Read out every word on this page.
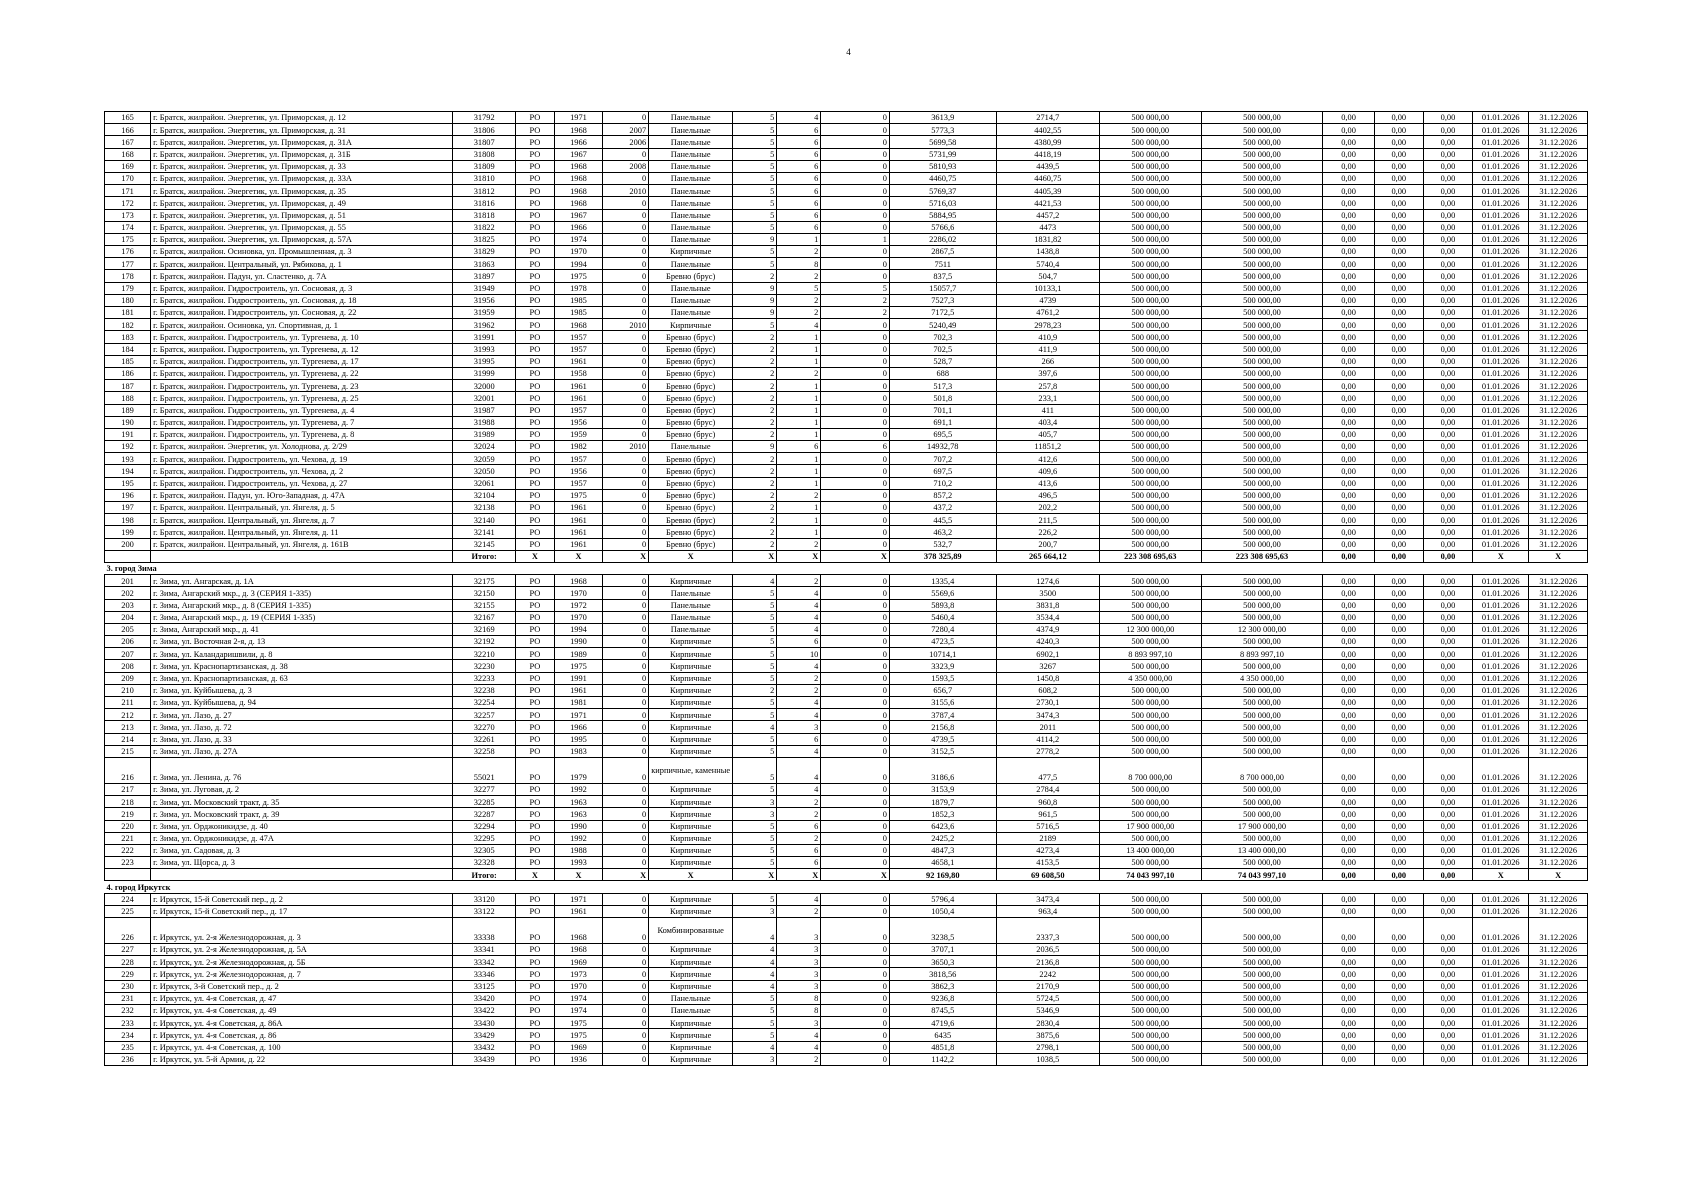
4
165	г. Братск, жилрайон. Энергетик, ул. Приморская, д. 12	31792	РО	1971	0	Панельные	5	4	0	3613,9	2714,7	500 000,00	500 000,00	0,00	0,00	0,00	01.01.2026	31.12.2026
166	г. Братск, жилрайон. Энергетик, ул. Приморская, д. 31	31806	РО	1968	2007	Панельные	5	6	0	5773,3	4402,55	500 000,00	500 000,00	0,00	0,00	0,00	01.01.2026	31.12.2026
167	г. Братск, жилрайон. Энергетик, ул. Приморская, д. 31А	31807	РО	1966	2006	Панельные	5	6	0	5699,58	4380,99	500 000,00	500 000,00	0,00	0,00	0,00	01.01.2026	31.12.2026
168	г. Братск, жилрайон. Энергетик, ул. Приморская, д. 31Б	31808	РО	1967	0	Панельные	5	6	0	5731,99	4418,19	500 000,00	500 000,00	0,00	0,00	0,00	01.01.2026	31.12.2026
169	г. Братск, жилрайон. Энергетик, ул. Приморская, д. 33	31809	РО	1968	2008	Панельные	5	6	0	5810,93	4439,5	500 000,00	500 000,00	0,00	0,00	0,00	01.01.2026	31.12.2026
170	г. Братск, жилрайон. Энергетик, ул. Приморская, д. 33А	31810	РО	1968	0	Панельные	5	6	0	4460,75	4460,75	500 000,00	500 000,00	0,00	0,00	0,00	01.01.2026	31.12.2026
171	г. Братск, жилрайон. Энергетик, ул. Приморская, д. 35	31812	РО	1968	2010	Панельные	5	6	0	5769,37	4405,39	500 000,00	500 000,00	0,00	0,00	0,00	01.01.2026	31.12.2026
172	г. Братск, жилрайон. Энергетик, ул. Приморская, д. 49	31816	РО	1968	0	Панельные	5	6	0	5716,03	4421,53	500 000,00	500 000,00	0,00	0,00	0,00	01.01.2026	31.12.2026
173	г. Братск, жилрайон. Энергетик, ул. Приморская, д. 51	31818	РО	1967	0	Панельные	5	6	0	5884,95	4457,2	500 000,00	500 000,00	0,00	0,00	0,00	01.01.2026	31.12.2026
174	г. Братск, жилрайон. Энергетик, ул. Приморская, д. 55	31822	РО	1966	0	Панельные	5	6	0	5766,6	4473	500 000,00	500 000,00	0,00	0,00	0,00	01.01.2026	31.12.2026
175	г. Братск, жилрайон. Энергетик, ул. Приморская, д. 57А	31825	РО	1974	0	Панельные	9	1	1	2286,02	1831,82	500 000,00	500 000,00	0,00	0,00	0,00	01.01.2026	31.12.2026
176	г. Братск, жилрайон. Осиновка, ул. Промышленная, д. 3	31829	РО	1970	0	Кирпичные	5	2	0	2867,5	1438,8	500 000,00	500 000,00	0,00	0,00	0,00	01.01.2026	31.12.2026
177	г. Братск, жилрайон. Центральный, ул. Рябикова, д. 1	31863	РО	1994	0	Панельные	5	8	0	7511	5740,4	500 000,00	500 000,00	0,00	0,00	0,00	01.01.2026	31.12.2026
178	г. Братск, жилрайон. Падун, ул. Сластенко, д. 7А	31897	РО	1975	0	Бревно (брус)	2	2	0	837,5	504,7	500 000,00	500 000,00	0,00	0,00	0,00	01.01.2026	31.12.2026
179	г. Братск, жилрайон. Гидростроитель, ул. Сосновая, д. 3	31949	РО	1978	0	Панельные	9	5	5	15057,7	10133,1	500 000,00	500 000,00	0,00	0,00	0,00	01.01.2026	31.12.2026
180	г. Братск, жилрайон. Гидростроитель, ул. Сосновая, д. 18	31956	РО	1985	0	Панельные	9	2	2	7527,3	4739	500 000,00	500 000,00	0,00	0,00	0,00	01.01.2026	31.12.2026
181	г. Братск, жилрайон. Гидростроитель, ул. Сосновая, д. 22	31959	РО	1985	0	Панельные	9	2	2	7172,5	4761,2	500 000,00	500 000,00	0,00	0,00	0,00	01.01.2026	31.12.2026
182	г. Братск, жилрайон. Осиновка, ул. Спортивная, д. 1	31962	РО	1968	2010	Кирпичные	5	4	0	5240,49	2978,23	500 000,00	500 000,00	0,00	0,00	0,00	01.01.2026	31.12.2026
183	г. Братск, жилрайон. Гидростроитель, ул. Тургенева, д. 10	31991	РО	1957	0	Бревно (брус)	2	1	0	702,3	410,9	500 000,00	500 000,00	0,00	0,00	0,00	01.01.2026	31.12.2026
184	г. Братск, жилрайон. Гидростроитель, ул. Тургенева, д. 12	31993	РО	1957	0	Бревно (брус)	2	1	0	702,5	411,9	500 000,00	500 000,00	0,00	0,00	0,00	01.01.2026	31.12.2026
185	г. Братск, жилрайон. Гидростроитель, ул. Тургенева, д. 17	31995	РО	1961	0	Бревно (брус)	2	1	0	528,7	266	500 000,00	500 000,00	0,00	0,00	0,00	01.01.2026	31.12.2026
186	г. Братск, жилрайон. Гидростроитель, ул. Тургенева, д. 22	31999	РО	1958	0	Бревно (брус)	2	2	0	688	397,6	500 000,00	500 000,00	0,00	0,00	0,00	01.01.2026	31.12.2026
187	г. Братск, жилрайон. Гидростроитель, ул. Тургенева, д. 23	32000	РО	1961	0	Бревно (брус)	2	1	0	517,3	257,8	500 000,00	500 000,00	0,00	0,00	0,00	01.01.2026	31.12.2026
188	г. Братск, жилрайон. Гидростроитель, ул. Тургенева, д. 25	32001	РО	1961	0	Бревно (брус)	2	1	0	501,8	233,1	500 000,00	500 000,00	0,00	0,00	0,00	01.01.2026	31.12.2026
189	г. Братск, жилрайон. Гидростроитель, ул. Тургенева, д. 4	31987	РО	1957	0	Бревно (брус)	2	1	0	701,1	411	500 000,00	500 000,00	0,00	0,00	0,00	01.01.2026	31.12.2026
190	г. Братск, жилрайон. Гидростроитель, ул. Тургенева, д. 7	31988	РО	1956	0	Бревно (брус)	2	1	0	691,1	403,4	500 000,00	500 000,00	0,00	0,00	0,00	01.01.2026	31.12.2026
191	г. Братск, жилрайон. Гидростроитель, ул. Тургенева, д. 8	31989	РО	1959	0	Бревно (брус)	2	1	0	695,5	405,7	500 000,00	500 000,00	0,00	0,00	0,00	01.01.2026	31.12.2026
192	г. Братск, жилрайон. Энергетик, ул. Холоднова, д. 2/29	32024	РО	1982	2010	Панельные	9	6	6	14932,78	11851,2	500 000,00	500 000,00	0,00	0,00	0,00	01.01.2026	31.12.2026
193	г. Братск, жилрайон. Гидростроитель, ул. Чехова, д. 19	32059	РО	1957	0	Бревно (брус)	2	1	0	707,2	412,6	500 000,00	500 000,00	0,00	0,00	0,00	01.01.2026	31.12.2026
194	г. Братск, жилрайон. Гидростроитель, ул. Чехова, д. 2	32050	РО	1956	0	Бревно (брус)	2	1	0	697,5	409,6	500 000,00	500 000,00	0,00	0,00	0,00	01.01.2026	31.12.2026
195	г. Братск, жилрайон. Гидростроитель, ул. Чехова, д. 27	32061	РО	1957	0	Бревно (брус)	2	1	0	710,2	413,6	500 000,00	500 000,00	0,00	0,00	0,00	01.01.2026	31.12.2026
196	г. Братск, жилрайон. Падун, ул. Юго-Западная, д. 47А	32104	РО	1975	0	Бревно (брус)	2	2	0	857,2	496,5	500 000,00	500 000,00	0,00	0,00	0,00	01.01.2026	31.12.2026
197	г. Братск, жилрайон. Центральный, ул. Янгеля, д. 5	32138	РО	1961	0	Бревно (брус)	2	1	0	437,2	202,2	500 000,00	500 000,00	0,00	0,00	0,00	01.01.2026	31.12.2026
198	г. Братск, жилрайон. Центральный, ул. Янгеля, д. 7	32140	РО	1961	0	Бревно (брус)	2	1	0	445,5	211,5	500 000,00	500 000,00	0,00	0,00	0,00	01.01.2026	31.12.2026
199	г. Братск, жилрайон. Центральный, ул. Янгеля, д. 11	32141	РО	1961	0	Бревно (брус)	2	1	0	463,2	226,2	500 000,00	500 000,00	0,00	0,00	0,00	01.01.2026	31.12.2026
200	г. Братск, жилрайон. Центральный, ул. Янгеля, д. 161В	32145	РО	1961	0	Бревно (брус)	2	2	0	532,7	200,7	500 000,00	500 000,00	0,00	0,00	0,00	01.01.2026	31.12.2026
		Итого:	X	X	X	X	X	X	X	378 325,89	265 664,12	223 308 695,63	223 308 695,63	0,00	0,00	0,00	X	X
3. город Зима																		
201	г. Зима, ул. Ангарская, д. 1А	32175	РО	1968	0	Кирпичные	4	2	0	1335,4	1274,6	500 000,00	500 000,00	0,00	0,00	0,00	01.01.2026	31.12.2026
202	г. Зима, Ангарский мкр., д. 3 (СЕРИЯ 1-335)	32150	РО	1970	0	Панельные	5	4	0	5569,6	3500	500 000,00	500 000,00	0,00	0,00	0,00	01.01.2026	31.12.2026
203	г. Зима, Ангарский мкр., д. 8 (СЕРИЯ 1-335)	32155	РО	1972	0	Панельные	5	4	0	5893,8	3831,8	500 000,00	500 000,00	0,00	0,00	0,00	01.01.2026	31.12.2026
204	г. Зима, Ангарский мкр., д. 19 (СЕРИЯ 1-335)	32167	РО	1970	0	Панельные	5	4	0	5460,4	3534,4	500 000,00	500 000,00	0,00	0,00	0,00	01.01.2026	31.12.2026
205	г. Зима, Ангарский мкр., д. 41	32169	РО	1994	0	Панельные	5	4	0	7280,4	4374,9	12 300 000,00	12 300 000,00	0,00	0,00	0,00	01.01.2026	31.12.2026
206	г. Зима, ул. Восточная 2-я, д. 13	32192	РО	1990	0	Кирпичные	5	6	0	4723,5	4240,3	500 000,00	500 000,00	0,00	0,00	0,00	01.01.2026	31.12.2026
207	г. Зима, ул. Каландаришвили, д. 8	32210	РО	1989	0	Кирпичные	5	10	0	10714,1	6902,1	8 893 997,10	8 893 997,10	0,00	0,00	0,00	01.01.2026	31.12.2026
208	г. Зима, ул. Краснопартизанская, д. 38	32230	РО	1975	0	Кирпичные	5	4	0	3323,9	3267	500 000,00	500 000,00	0,00	0,00	0,00	01.01.2026	31.12.2026
209	г. Зима, ул. Краснопартизанская, д. 63	32233	РО	1991	0	Кирпичные	5	2	0	1593,5	1450,8	4 350 000,00	4 350 000,00	0,00	0,00	0,00	01.01.2026	31.12.2026
210	г. Зима, ул. Куйбышева, д. 3	32238	РО	1961	0	Кирпичные	2	2	0	656,7	608,2	500 000,00	500 000,00	0,00	0,00	0,00	01.01.2026	31.12.2026
211	г. Зима, ул. Куйбышева, д. 94	32254	РО	1981	0	Кирпичные	5	4	0	3155,6	2730,1	500 000,00	500 000,00	0,00	0,00	0,00	01.01.2026	31.12.2026
212	г. Зима, ул. Лазо, д. 27	32257	РО	1971	0	Кирпичные	5	4	0	3787,4	3474,3	500 000,00	500 000,00	0,00	0,00	0,00	01.01.2026	31.12.2026
213	г. Зима, ул. Лазо, д. 72	32270	РО	1966	0	Кирпичные	4	3	0	2156,8	2011	500 000,00	500 000,00	0,00	0,00	0,00	01.01.2026	31.12.2026
214	г. Зима, ул. Лазо, д. 33	32261	РО	1995	0	Кирпичные	5	6	0	4739,5	4114,2	500 000,00	500 000,00	0,00	0,00	0,00	01.01.2026	31.12.2026
215	г. Зима, ул. Лазо, д. 27А	32258	РО	1983	0	Кирпичные	5	4	0	3152,5	2778,2	500 000,00	500 000,00	0,00	0,00	0,00	01.01.2026	31.12.2026
216	г. Зима, ул. Ленина, д. 76	55021	РО	1979	0	кирпичные, каменные	5	4	0	3186,6	477,5	8 700 000,00	8 700 000,00	0,00	0,00	0,00	01.01.2026	31.12.2026
217	г. Зима, ул. Луговая, д. 2	32277	РО	1992	0	Кирпичные	5	4	0	3153,9	2784,4	500 000,00	500 000,00	0,00	0,00	0,00	01.01.2026	31.12.2026
218	г. Зима, ул. Московский тракт, д. 35	32285	РО	1963	0	Кирпичные	3	2	0	1879,7	960,8	500 000,00	500 000,00	0,00	0,00	0,00	01.01.2026	31.12.2026
219	г. Зима, ул. Московский тракт, д. 39	32287	РО	1963	0	Кирпичные	3	2	0	1852,3	961,5	500 000,00	500 000,00	0,00	0,00	0,00	01.01.2026	31.12.2026
220	г. Зима, ул. Орджоникидзе, д. 40	32294	РО	1990	0	Кирпичные	5	6	0	6423,6	5716,5	17 900 000,00	17 900 000,00	0,00	0,00	0,00	01.01.2026	31.12.2026
221	г. Зима, ул. Орджоникидзе, д. 47А	32295	РО	1992	0	Кирпичные	5	2	0	2425,2	2189	500 000,00	500 000,00	0,00	0,00	0,00	01.01.2026	31.12.2026
222	г. Зима, ул. Садовая, д. 3	32305	РО	1988	0	Кирпичные	5	6	0	4847,3	4273,4	13 400 000,00	13 400 000,00	0,00	0,00	0,00	01.01.2026	31.12.2026
223	г. Зима, ул. Щорса, д. 3	32328	РО	1993	0	Кирпичные	5	6	0	4658,1	4153,5	500 000,00	500 000,00	0,00	0,00	0,00	01.01.2026	31.12.2026
		Итого:	X	X	X	X	X	X	X	92 169,80	69 608,50	74 043 997,10	74 043 997,10	0,00	0,00	0,00	X	X
4. город Иркутск																		
224	г. Иркутск, 15-й Советский пер., д. 2	33120	РО	1971	0	Кирпичные	5	4	0	5796,4	3473,4	500 000,00	500 000,00	0,00	0,00	0,00	01.01.2026	31.12.2026
225	г. Иркутск, 15-й Советский пер., д. 17	33122	РО	1961	0	Кирпичные	3	2	0	1050,4	963,4	500 000,00	500 000,00	0,00	0,00	0,00	01.01.2026	31.12.2026
226	г. Иркутск, ул. 2-я Железнодорожная, д. 3	33338	РО	1968	0	Комбинированные	4	3	0	3238,5	2337,3	500 000,00	500 000,00	0,00	0,00	0,00	01.01.2026	31.12.2026
227	г. Иркутск, ул. 2-я Железнодорожная, д. 5А	33341	РО	1968	0	Кирпичные	4	3	0	3707,1	2036,5	500 000,00	500 000,00	0,00	0,00	0,00	01.01.2026	31.12.2026
228	г. Иркутск, ул. 2-я Железнодорожная, д. 5Б	33342	РО	1969	0	Кирпичные	4	3	0	3650,3	2136,8	500 000,00	500 000,00	0,00	0,00	0,00	01.01.2026	31.12.2026
229	г. Иркутск, ул. 2-я Железнодорожная, д. 7	33346	РО	1973	0	Кирпичные	4	3	0	3818,56	2242	500 000,00	500 000,00	0,00	0,00	0,00	01.01.2026	31.12.2026
230	г. Иркутск, 3-й Советский пер., д. 2	33125	РО	1970	0	Кирпичные	4	3	0	3862,3	2170,9	500 000,00	500 000,00	0,00	0,00	0,00	01.01.2026	31.12.2026
231	г. Иркутск, ул. 4-я Советская, д. 47	33420	РО	1974	0	Панельные	5	8	0	9236,8	5724,5	500 000,00	500 000,00	0,00	0,00	0,00	01.01.2026	31.12.2026
232	г. Иркутск, ул. 4-я Советская, д. 49	33422	РО	1974	0	Панельные	5	8	0	8745,5	5346,9	500 000,00	500 000,00	0,00	0,00	0,00	01.01.2026	31.12.2026
233	г. Иркутск, ул. 4-я Советская, д. 86А	33430	РО	1975	0	Кирпичные	5	3	0	4719,6	2830,4	500 000,00	500 000,00	0,00	0,00	0,00	01.01.2026	31.12.2026
234	г. Иркутск, ул. 4-я Советская, д. 86	33429	РО	1975	0	Кирпичные	5	4	0	6435	3875,6	500 000,00	500 000,00	0,00	0,00	0,00	01.01.2026	31.12.2026
235	г. Иркутск, ул. 4-я Советская, д. 100	33432	РО	1969	0	Кирпичные	4	4	0	4851,8	2798,1	500 000,00	500 000,00	0,00	0,00	0,00	01.01.2026	31.12.2026
236	г. Иркутск, ул. 5-й Армии, д. 22	33439	РО	1936	0	Кирпичные	3	2	0	1142,2	1038,5	500 000,00	500 000,00	0,00	0,00	0,00	01.01.2026	31.12.2026
